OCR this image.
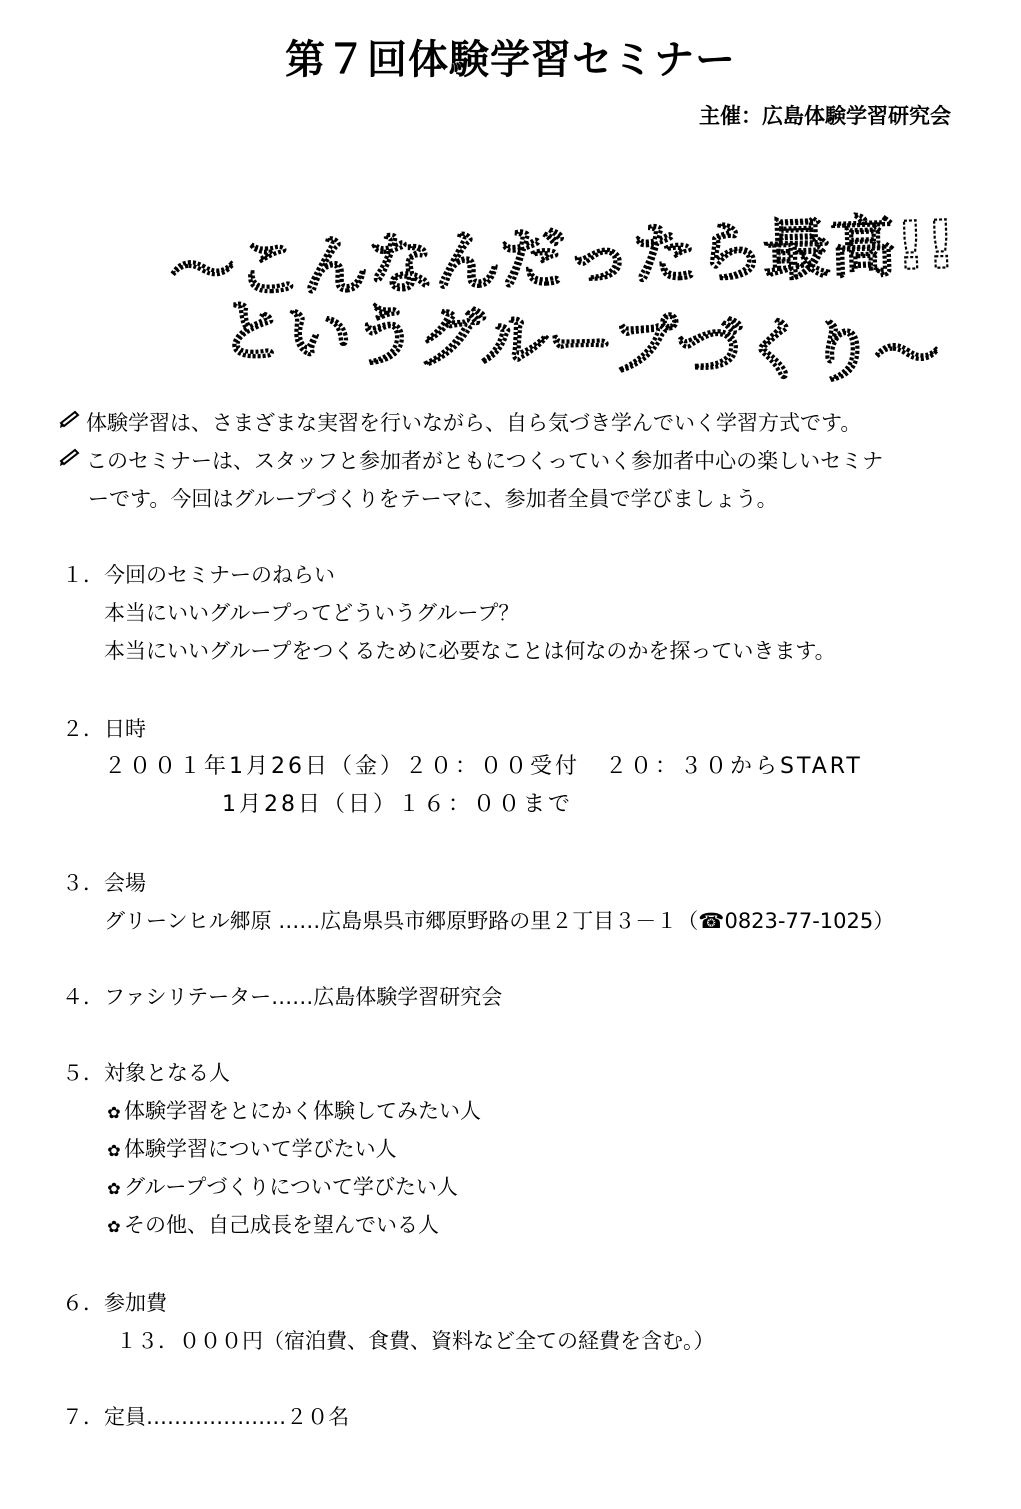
第７回体験学習セミナー
主催：広島体験学習研究会
〜こんなんだったら最高!!
というグループづくり〜
体験学習は、さまざまな実習を行いながら、自ら気づき学んでいく学習方式です。
このセミナーは、スタッフと参加者がともにつくっていく参加者中心の楽しいセミナ
ーです。今回はグループづくりをテーマに、参加者全員で学びましょう。
１． 今回のセミナーのねらい
本当にいいグループってどういうグループ？
本当にいいグループをつくるために必要なことは何なのかを探っていきます。
２． 日時
２００１年1月26日（金）２０：００受付　２０：３０からSTART
1月28日（日）１６：００まで
３． 会場
グリーンヒル郷原 ‥‥‥広島県呉市郷原野路の里２丁目３－１（☎0823-77-1025）
４． ファシリテーター‥‥‥広島体験学習研究会
５． 対象となる人
✿ 体験学習をとにかく体験してみたい人
✿ 体験学習について学びたい人
✿ グループづくりについて学びたい人
✿ その他、自己成長を望んでいる人
６． 参加費
１３．０００円（宿泊費、食費、資料など全ての経費を含む。）
７． 定員‥‥‥‥‥‥‥‥‥‥２０名
